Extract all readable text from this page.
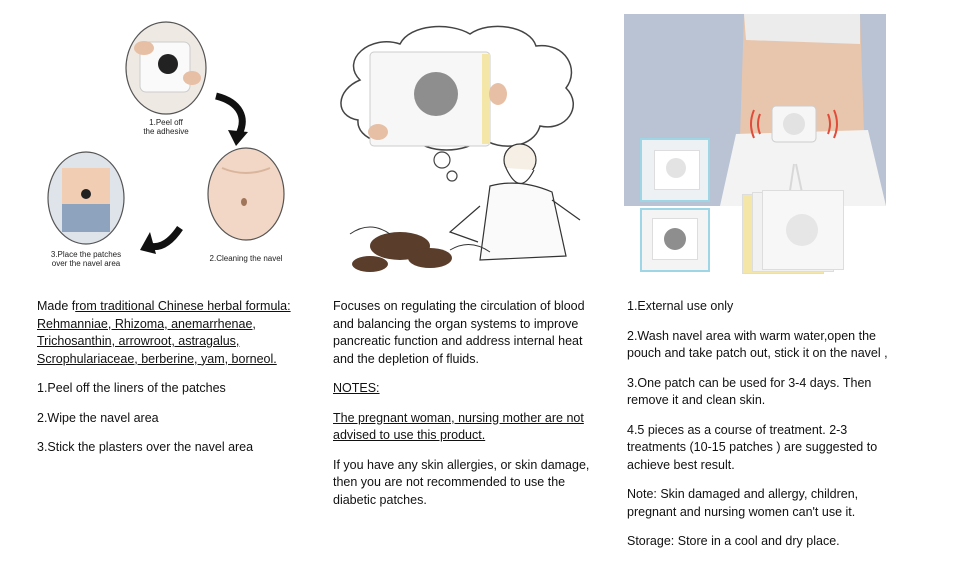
1.Peel off
the adhesive
2.Cleaning the navel
3.Place the patches
over the navel area

Made from traditional Chinese herbal formula: Rehmanniae, Rhizoma, anemarrhenae, Trichosanthin, arrowroot, astragalus, Scrophulariaceae, berberine, yam, borneol.

1.Peel off the liners of the patches

2.Wipe the navel area

3.Stick the plasters over the navel area

Focuses on regulating the circulation of blood and balancing the organ systems to improve pancreatic function and address internal heat and the depletion of fluids.

NOTES:

The pregnant woman, nursing mother are not advised to use this product.

If you have any skin allergies, or skin damage, then you are not recommended to use the diabetic patches.

1.External use only

2.Wash navel area with warm water,open the pouch and take patch out, stick it on the navel ,

3.One patch can be used for 3-4 days. Then remove it and clean skin.

4.5 pieces as a course of treatment. 2-3 treatments (10-15 patches ) are suggested to achieve best result.

Note: Skin damaged and allergy, children, pregnant and nursing women can't use it.

Storage: Store in a cool and dry place.
